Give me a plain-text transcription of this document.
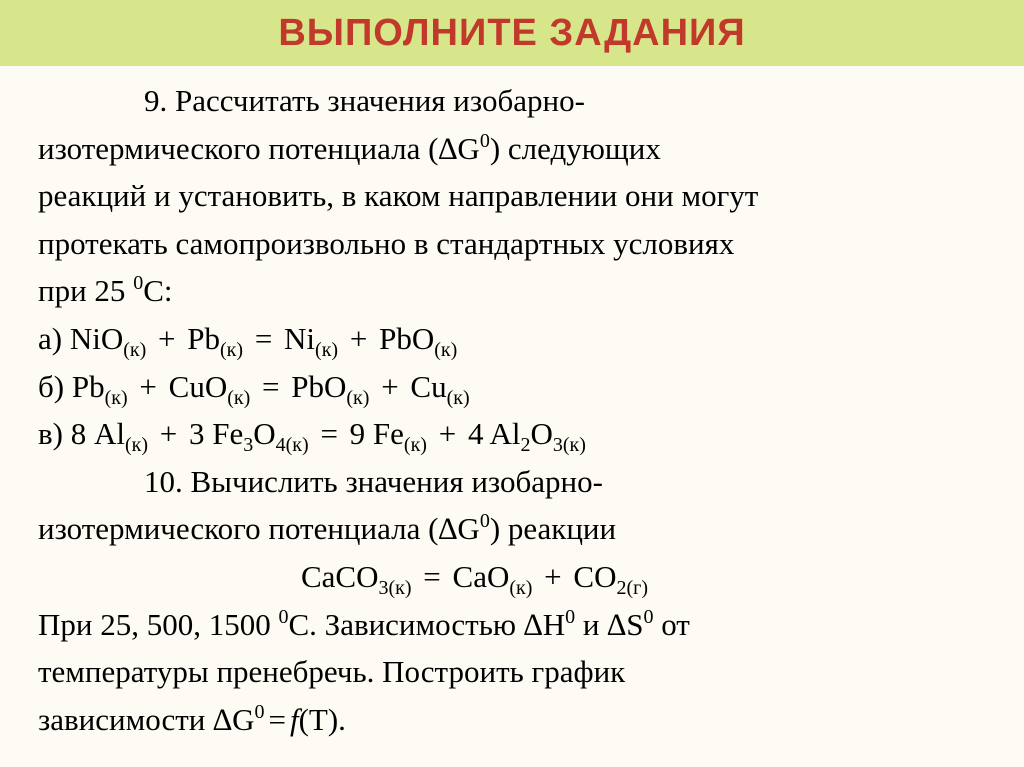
ВЫПОЛНИТЕ ЗАДАНИЯ
9. Рассчитать значения изобарно-
изотермического потенциала $(\Delta G^0)$ следующих
реакций и установить, в каком направлении они могут
протекать самопроизвольно в стандартных условиях
при 25 $^0$С:
а) $NiO_{(к)} + Pb_{(к)} = Ni_{(к)} + PbO_{(к)}$
б) $Pb_{(к)} + CuO_{(к)} = PbO_{(к)} + Cu_{(к)}$
в) 8 $Al_{(к)} + 3$ $Fe_3O_{4(к)} = 9$ $Fe_{(к)} + 4$ $Al_2O_{3(к)}$
10. Вычислить значения изобарно-
изотермического потенциала $(\Delta G^0)$ реакции
CaCO$_{3(к)}$ = $CaO_{(к)} + CO_{2(г)}$
При 25, 500, 1500 $^0$С. Зависимостью $\Delta H^0$ и $\Delta S^0$ от
температуры пренебречь. Построить график
зависимости $\Delta G^0 = f(T)$.
